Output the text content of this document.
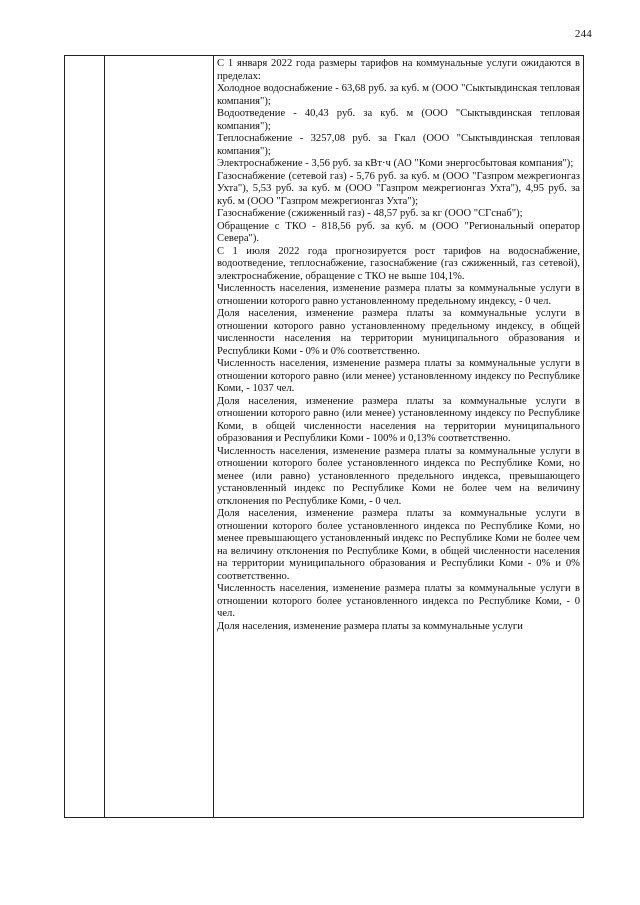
244

С 1 января 2022 года размеры тарифов на коммунальные услуги ожидаются в пределах:

Холодное водоснабжение - 63,68 руб. за куб. м (ООО "Сыктывдинская тепловая компания");

Водоотведение - 40,43 руб. за куб. м (ООО "Сыктывдинская тепловая компания");

Теплоснабжение - 3257,08 руб. за Гкал (ООО "Сыктывдинская тепловая компания");

Электроснабжение - 3,56 руб. за кВт·ч (АО "Коми энергосбытовая компания");

Газоснабжение (сетевой газ) - 5,76 руб. за куб. м (ООО "Газпром межрегионгаз Ухта"), 5,53 руб. за куб. м (ООО "Газпром межрегионгаз Ухта"), 4,95 руб. за куб. м (ООО "Газпром межрегионгаз Ухта");

Газоснабжение (сжиженный газ) - 48,57 руб. за кг (ООО "СГснаб");

Обращение с ТКО - 818,56 руб. за куб. м (ООО "Региональный оператор Севера").

С 1 июля 2022 года прогнозируется рост тарифов на водоснабжение, водоотведение, теплоснабжение, газоснабжение (газ сжиженный, газ сетевой), электроснабжение, обращение с ТКО не выше 104,1%.

Численность населения, изменение размера платы за коммунальные услуги в отношении которого равно установленному предельному индексу, - 0 чел.

Доля населения, изменение размера платы за коммунальные услуги в отношении которого равно установленному предельному индексу, в общей численности населения на территории муниципального образования и Республики Коми - 0% и 0% соответственно.

Численность населения, изменение размера платы за коммунальные услуги в отношении которого равно (или менее) установленному индексу по Республике Коми, - 1037 чел.

Доля населения, изменение размера платы за коммунальные услуги в отношении которого равно (или менее) установленному индексу по Республике Коми, в общей численности населения на территории муниципального образования и Республики Коми - 100% и 0,13% соответственно.

Численность населения, изменение размера платы за коммунальные услуги в отношении которого более установленного индекса по Республике Коми, но менее (или равно) установленного предельного индекса, превышающего установленный индекс по Республике Коми не более чем на величину отклонения по Республике Коми, - 0 чел.

Доля населения, изменение размера платы за коммунальные услуги в отношении которого более установленного индекса по Республике Коми, но менее превышающего установленный индекс по Республике Коми не более чем на величину отклонения по Республике Коми, в общей численности населения на территории муниципального образования и Республики Коми - 0% и 0% соответственно.

Численность населения, изменение размера платы за коммунальные услуги в отношении которого более установленного индекса по Республике Коми, - 0 чел.

Доля населения, изменение размера платы за коммунальные услуги
